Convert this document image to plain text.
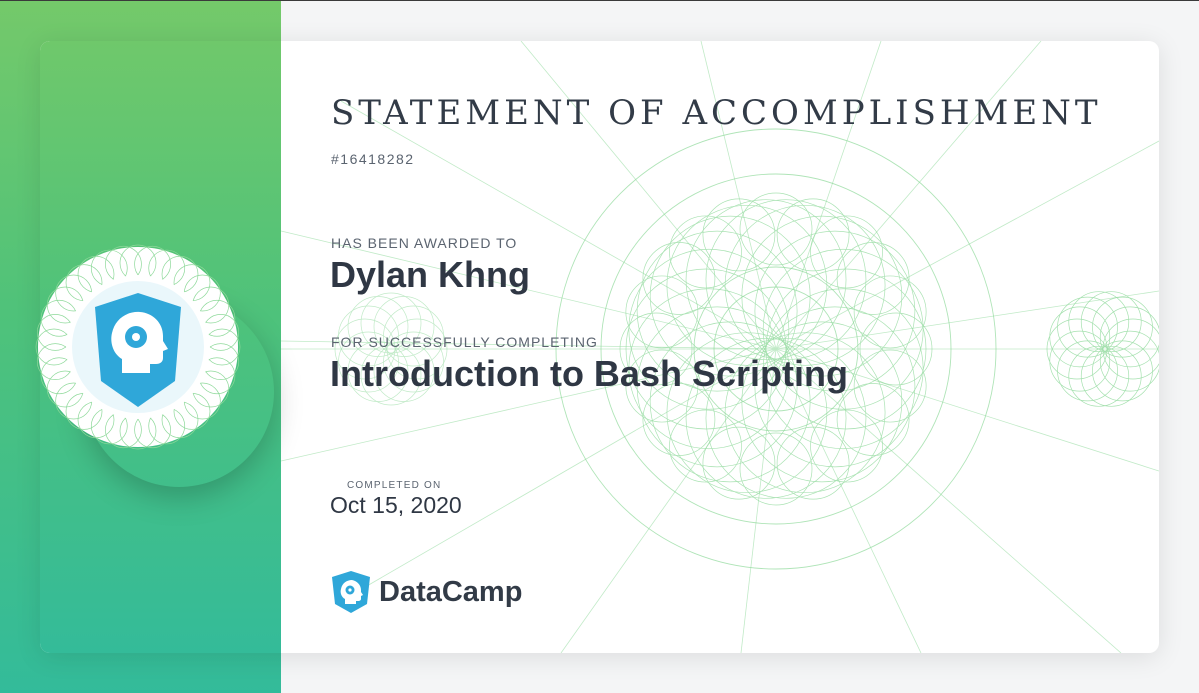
STATEMENT OF ACCOMPLISHMENT
#16418282
HAS BEEN AWARDED TO
Dylan Khng
FOR SUCCESSFULLY COMPLETING
Introduction to Bash Scripting
COMPLETED ON
Oct 15, 2020
DataCamp
